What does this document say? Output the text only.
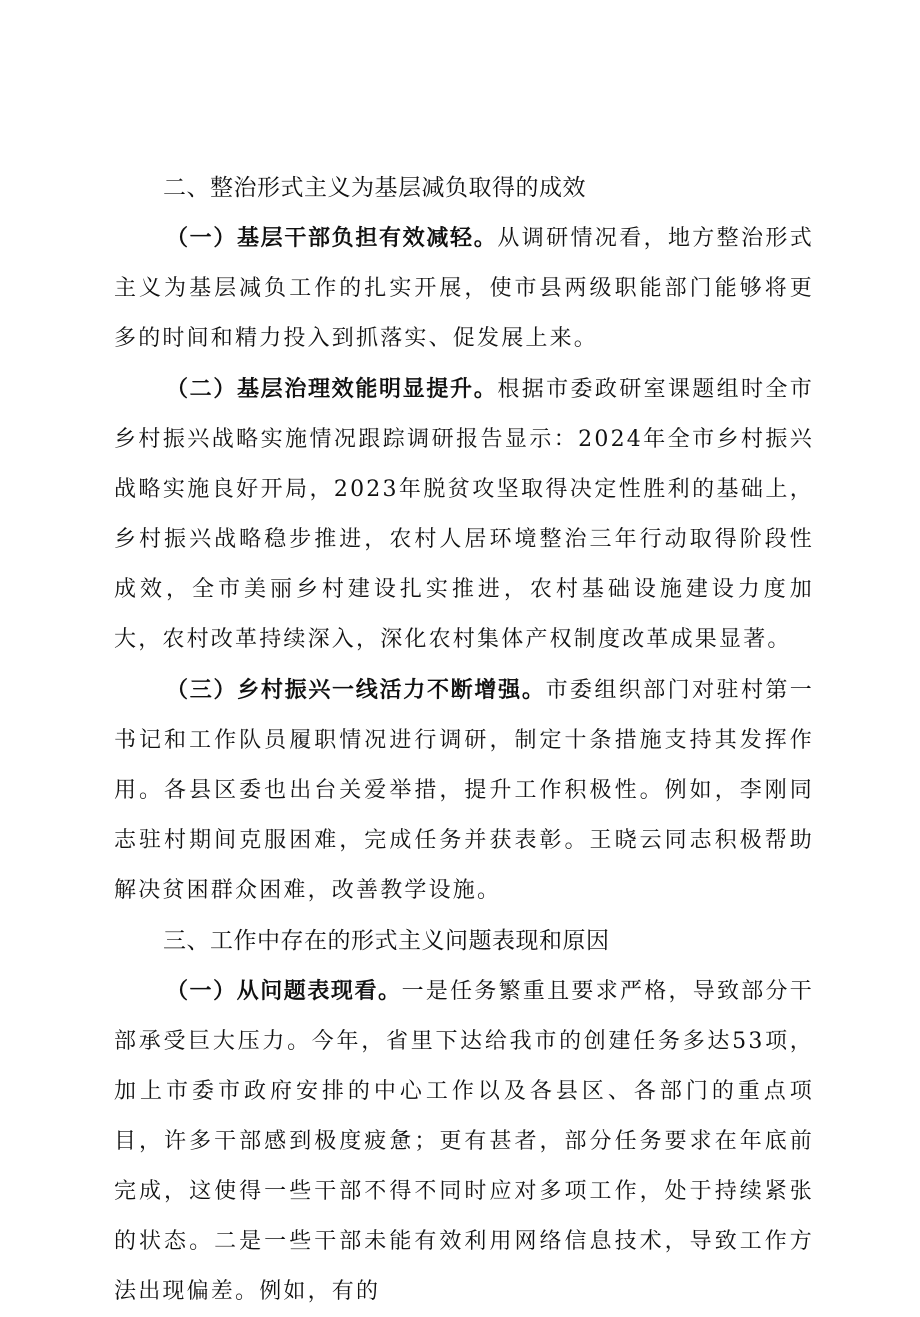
二、整治形式主义为基层减负取得的成效

（一）基层干部负担有效减轻。从调研情况看，地方整治形式主义为基层减负工作的扎实开展，使市县两级职能部门能够将更多的时间和精力投入到抓落实、促发展上来。

（二）基层治理效能明显提升。根据市委政研室课题组时全市乡村振兴战略实施情况跟踪调研报告显示：2024年全市乡村振兴战略实施良好开局，2023年脱贫攻坚取得决定性胜利的基础上，乡村振兴战略稳步推进，农村人居环境整治三年行动取得阶段性成效，全市美丽乡村建设扎实推进，农村基础设施建设力度加大，农村改革持续深入，深化农村集体产权制度改革成果显著。

（三）乡村振兴一线活力不断增强。市委组织部门对驻村第一书记和工作队员履职情况进行调研，制定十条措施支持其发挥作用。各县区委也出台关爱举措，提升工作积极性。例如，李刚同志驻村期间克服困难，完成任务并获表彰。王晓云同志积极帮助解决贫困群众困难，改善教学设施。

三、工作中存在的形式主义问题表现和原因

（一）从问题表现看。一是任务繁重且要求严格，导致部分干部承受巨大压力。今年，省里下达给我市的创建任务多达53项，加上市委市政府安排的中心工作以及各县区、各部门的重点项目，许多干部感到极度疲惫；更有甚者，部分任务要求在年底前完成，这使得一些干部不得不同时应对多项工作，处于持续紧张的状态。二是一些干部未能有效利用网络信息技术，导致工作方法出现偏差。例如，有的
